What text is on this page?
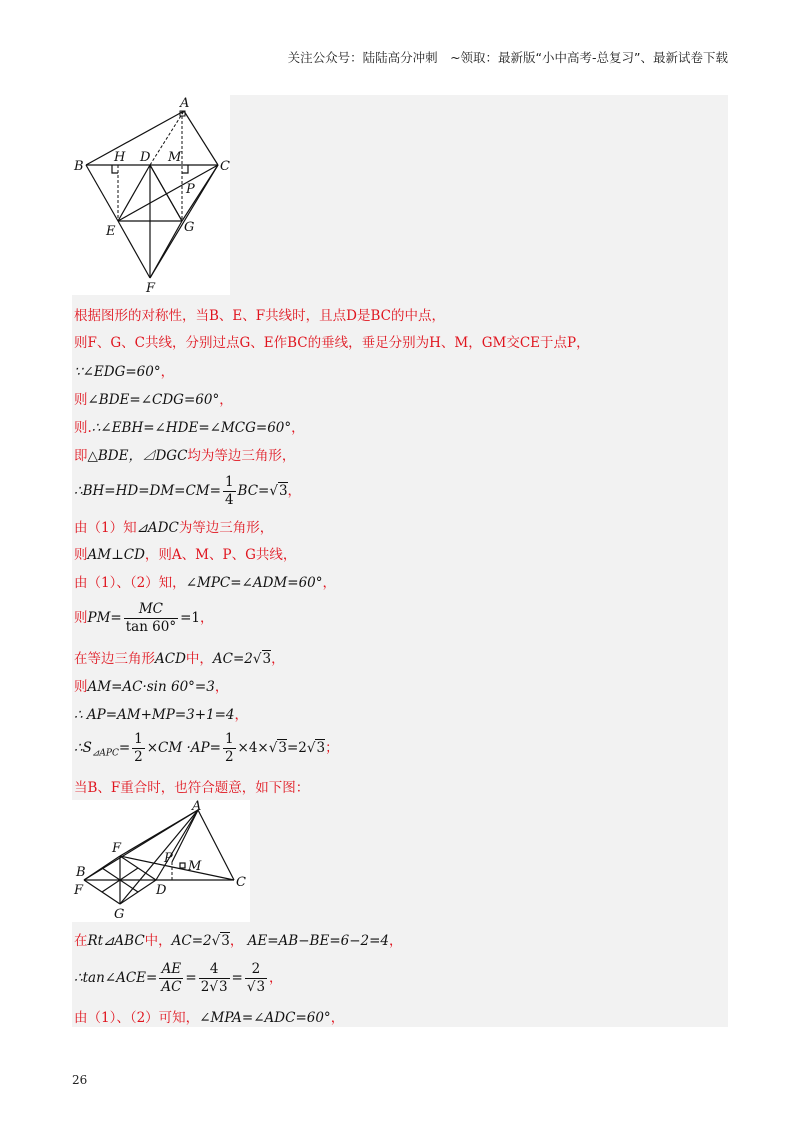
关注公众号：陆陆高分冲刺　~领取：最新版“小中高考-总复习”、最新试卷下载
A
B
H D M
C
P
E	G
F
根据图形的对称性，当B、E、F共线时，且点D是BC的中点，
则F、G、C共线，分别过点G、E作BC的垂线，垂足分别为H、M，GM交CE于点P，
∵∠EDG=60°，
则∠BDE=∠CDG=60°，
则.∴∠EBH=∠HDE=∠MCG=60°，
即△BDE，⊿DGC均为等边三角形，
∴BH=HD=DM=CM= $\frac{1}{4} BC=√3$，
由（1）知⊿ADC为等边三角形，
则AM⊥CD，则A、M、P、G共线，
由（1）、（2）知，∠MPC=∠ADM=60°，
则$PM= \frac{MC}{\tan 60^\circ} =1$，
在等边三角形ACD中，AC=2√3，
则AM=AC·sin 60°=3，
∴ AP=AM+MP=3+1=4，
$\therefore S_{⊿APC}= \frac{1}{2} \times CM \cdot AP= \frac{1}{2} \times 4\times√3=2√3$；
当B、F重合时，也符合题意，如下图：
A
F
B
F
P
M
D
C
G
在Rt⊿ABC中，AC=2√3， AE=AB−BE=6−2=4，
∴tan∠ACE= $\frac{AE}{AC} = \frac{4}{2√3} = \frac{2}{√3}$ ，
由（1）、（2）可知，∠MPA=∠ADC=60°，
26
